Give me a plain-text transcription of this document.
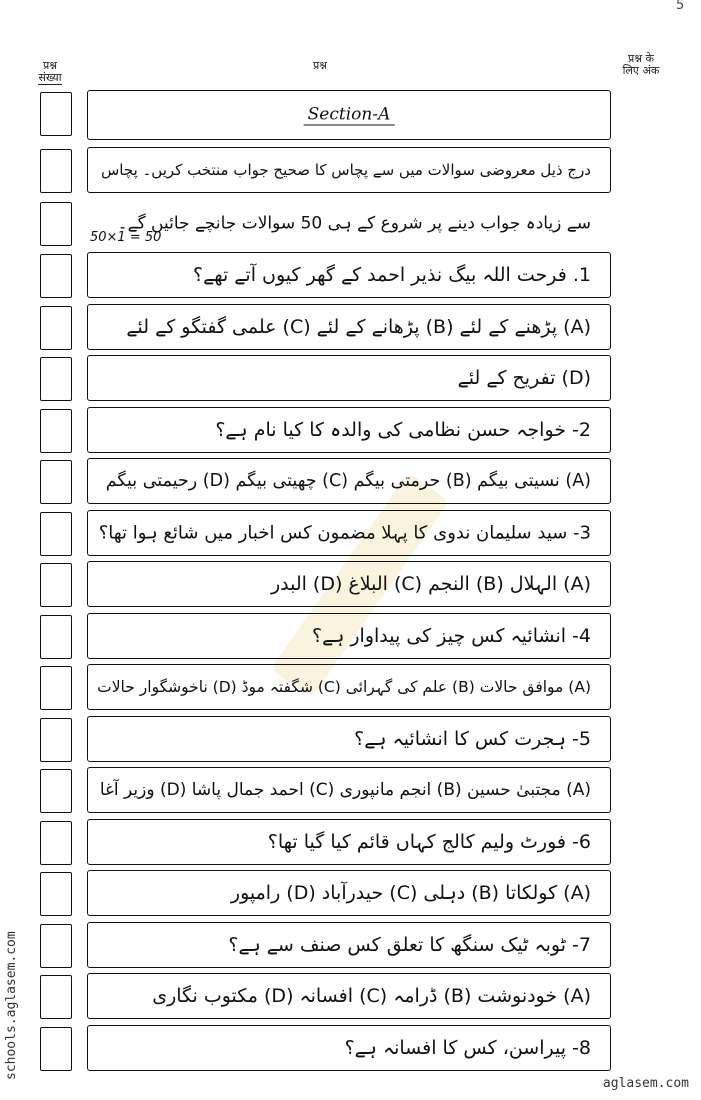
5
प्रश्न
संख्या
प्रश्न
प्रश्न के
लिए अंक
Section-A
درج ذیل معروضی سوالات میں سے پچاس کا صحیح جواب منتخب کریں۔ پچاس
سے زیادہ جواب دینے پر شروع کے ہی 50 سوالات جانچے جائیں گے۔
50×1 = 50
1. فرحت اللہ بیگ نذیر احمد کے گھر کیوں آتے تھے؟
(A) پڑھنے کے لئے (B) پڑھانے کے لئے (C) علمی گفتگو کے لئے
(D) تفریح کے لئے
2- خواجہ حسن نظامی کی والدہ کا کیا نام ہے؟
(A) نسیتی بیگم (B) حرمتی بیگم (C) چھیتی بیگم (D) رحیمتی بیگم
3- سید سلیمان ندوی کا پہلا مضمون کس اخبار میں شائع ہوا تھا؟
(A) الہلال (B) النجم (C) البلاغ (D) البدر
4- انشائیہ کس چیز کی پیداوار ہے؟
(A) موافق حالات (B) علم کی گہرائی (C) شگفتہ موڈ (D) ناخوشگوار حالات
5- ہجرت کس کا انشائیہ ہے؟
(A) مجتبیٰ حسین (B) انجم مانپوری (C) احمد جمال پاشا (D) وزیر آغا
6- فورٹ ولیم کالج کہاں قائم کیا گیا تھا؟
(A) کولکاتا (B) دہلی (C) حیدرآباد (D) رامپور
7- ٹوبہ ٹیک سنگھ کا تعلق کس صنف سے ہے؟
(A) خودنوشت (B) ڈرامہ (C) افسانہ (D) مکتوب نگاری
8- پیراسن، کس کا افسانہ ہے؟
schools.aglasem.com
aglasem.com
